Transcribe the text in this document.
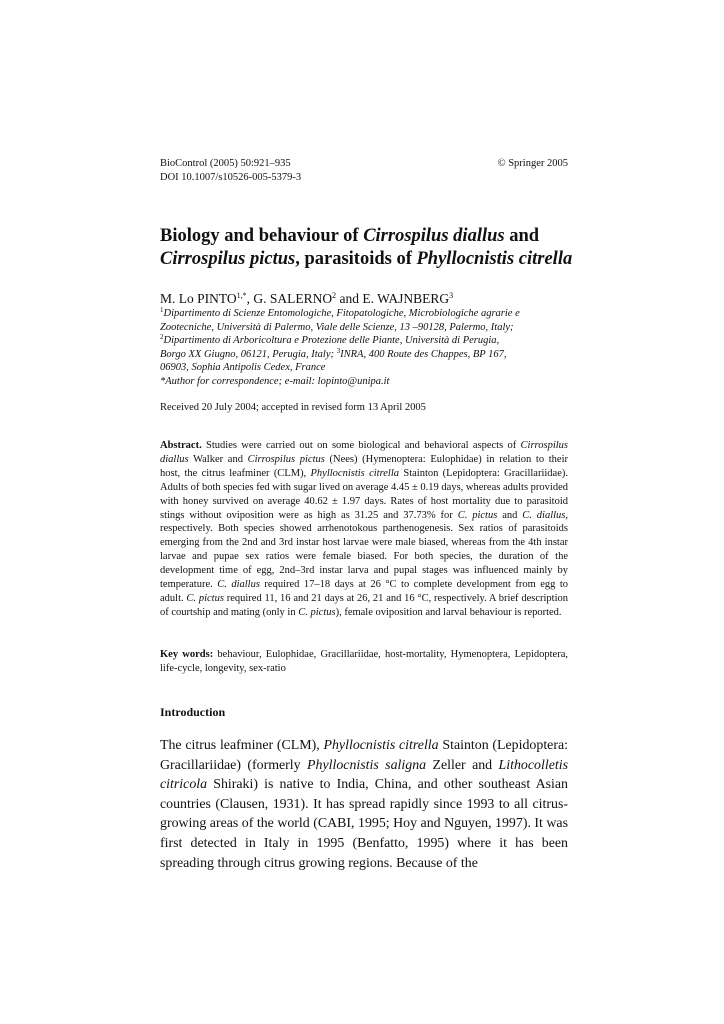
BioControl (2005) 50:921–935
DOI 10.1007/s10526-005-5379-3
© Springer 2005
Biology and behaviour of Cirrospilus diallus and Cirrospilus pictus, parasitoids of Phyllocnistis citrella
M. Lo $PINTO^{1,*}$, G. SALERNO$^2$ and E. WAJNBERG$^3$
$^1$Dipartimento di Scienze Entomologiche, Fitopatologiche, Microbiologiche agrarie e
Zootecniche, Università di Palermo, Viale delle Scienze, 13 –90128, Palermo, Italy;
$^2$Dipartimento di Arboricoltura e Protezione delle Piante, Università di Perugia,
Borgo XX Giugno, 06121, Perugia, Italy; $^3$INRA, 400 Route des Chappes, BP 167,
06903, Sophia Antipolis Cedex, France
*Author for correspondence; e-mail: lopinto@unipa.it
Received 20 July 2004; accepted in revised form 13 April 2005
Abstract. Studies were carried out on some biological and behavioral aspects of Cirrospilus diallus Walker and Cirrospilus pictus (Nees) (Hymenoptera: Eulophidae) in relation to their host, the citrus leafminer (CLM), Phyllocnistis citrella Stainton (Lepidoptera: Gracillariidae). Adults of both species fed with sugar lived on average 4.45 ± 0.19 days, whereas adults provided with honey survived on average 40.62 ± 1.97 days. Rates of host mortality due to parasitoid stings without oviposition were as high as 31.25 and 37.73% for C. pictus and C. diallus, respectively. Both species showed arrhenotokous parthenogenesis. Sex ratios of parasitoids emerging from the 2nd and 3rd instar host larvae were male biased, whereas from the 4th instar larvae and pupae sex ratios were female biased. For both species, the duration of the development time of egg, 2nd–3rd instar larva and pupal stages was influenced mainly by temperature. C. diallus required 17–18 days at 26 °C to complete development from egg to adult. C. pictus required 11, 16 and 21 days at 26, 21 and 16 °C, respectively. A brief description of courtship and mating (only in C. pictus), female oviposition and larval behaviour is reported.
Key words: behaviour, Eulophidae, Gracillariidae, host-mortality, Hymenoptera, Lepidoptera, life-cycle, longevity, sex-ratio
Introduction
The citrus leafminer (CLM), Phyllocnistis citrella Stainton (Lepidoptera: Gracillariidae) (formerly Phyllocnistis saligna Zeller and Lithocolletis citricola Shiraki) is native to India, China, and other southeast Asian countries (Clausen, 1931). It has spread rapidly since 1993 to all citrus-growing areas of the world (CABI, 1995; Hoy and Nguyen, 1997). It was first detected in Italy in 1995 (Benfatto, 1995) where it has been spreading through citrus growing regions. Because of the
